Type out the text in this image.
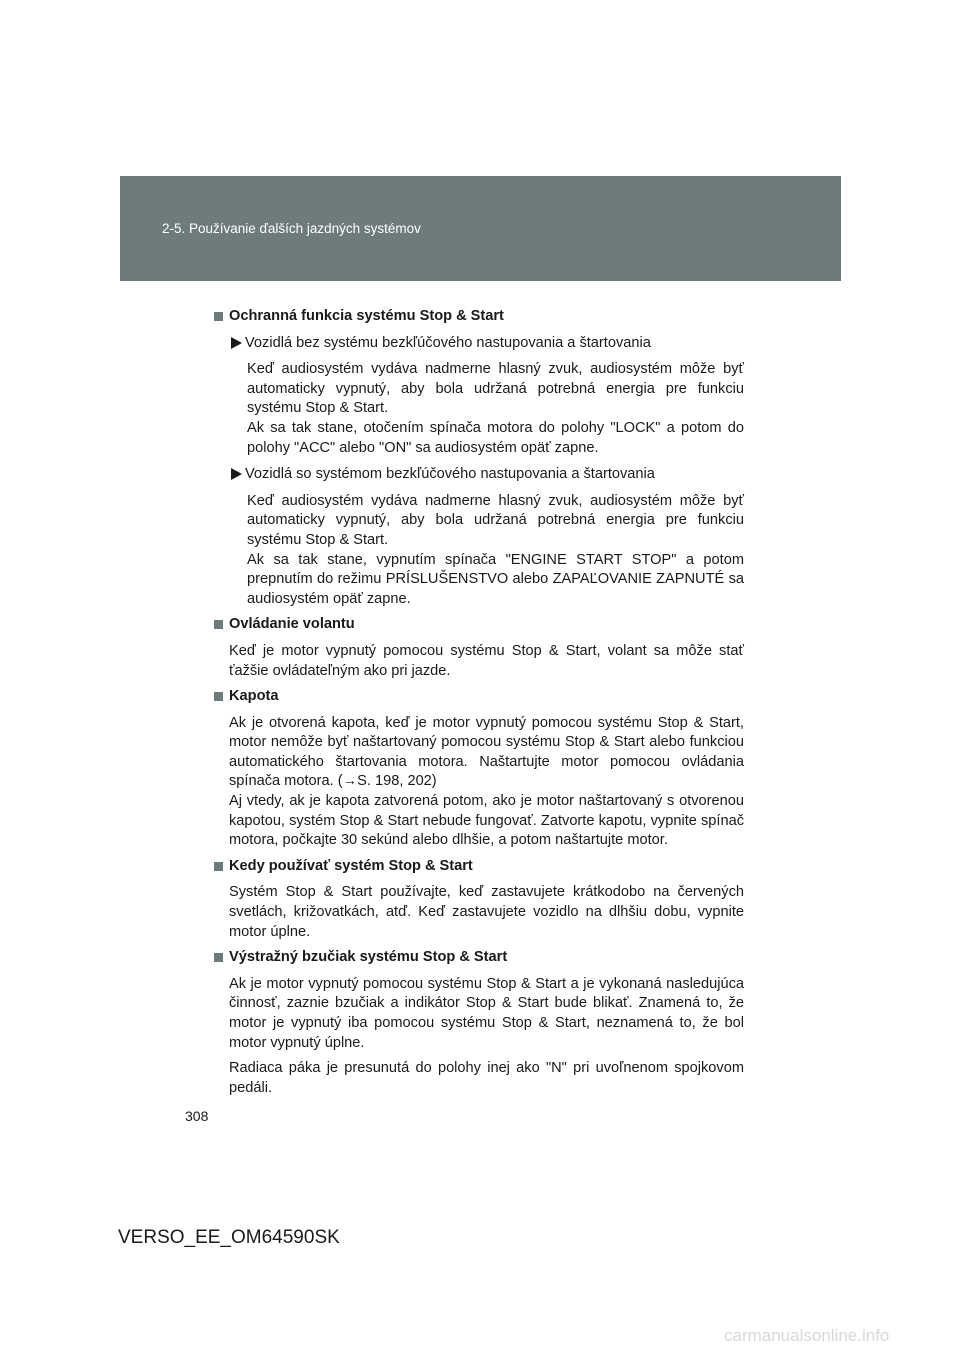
2-5. Používanie ďalších jazdných systémov
Ochranná funkcia systému Stop & Start
Vozidlá bez systému bezkľúčového nastupovania a štartovania
Keď audiosystém vydáva nadmerne hlasný zvuk, audiosystém môže byť automaticky vypnutý, aby bola udržaná potrebná energia pre funkciu systému Stop & Start.
Ak sa tak stane, otočením spínača motora do polohy "LOCK" a potom do polohy "ACC" alebo "ON" sa audiosystém opäť zapne.
Vozidlá so systémom bezkľúčového nastupovania a štartovania
Keď audiosystém vydáva nadmerne hlasný zvuk, audiosystém môže byť automaticky vypnutý, aby bola udržaná potrebná energia pre funkciu systému Stop & Start.
Ak sa tak stane, vypnutím spínača "ENGINE START STOP" a potom prepnutím do režimu PRÍSLUŠENSTVO alebo ZAPAĽOVANIE ZAPNUTÉ sa audiosystém opäť zapne.
Ovládanie volantu
Keď je motor vypnutý pomocou systému Stop & Start, volant sa môže stať ťažšie ovládateľným ako pri jazde.
Kapota
Ak je otvorená kapota, keď je motor vypnutý pomocou systému Stop & Start, motor nemôže byť naštartovaný pomocou systému Stop & Start alebo funkciou automatického štartovania motora. Naštartujte motor pomocou ovládania spínača motora. (→S. 198, 202)
Aj vtedy, ak je kapota zatvorená potom, ako je motor naštartovaný s otvorenou kapotou, systém Stop & Start nebude fungovať. Zatvorte kapotu, vypnite spínač motora, počkajte 30 sekúnd alebo dlhšie, a potom naštartujte motor.
Kedy používať systém Stop & Start
Systém Stop & Start používajte, keď zastavujete krátkodobo na červených svetlách, križovatkách, atď. Keď zastavujete vozidlo na dlhšiu dobu, vypnite motor úplne.
Výstražný bzučiak systému Stop & Start
Ak je motor vypnutý pomocou systému Stop & Start a je vykonaná nasledujúca činnosť, zaznie bzučiak a indikátor Stop & Start bude blikať. Znamená to, že motor je vypnutý iba pomocou systému Stop & Start, neznamená to, že bol motor vypnutý úplne.
Radiaca páka je presunutá do polohy inej ako "N" pri uvoľnenom spojkovom pedáli.
308
VERSO_EE_OM64590SK
carmanualsonline.info
